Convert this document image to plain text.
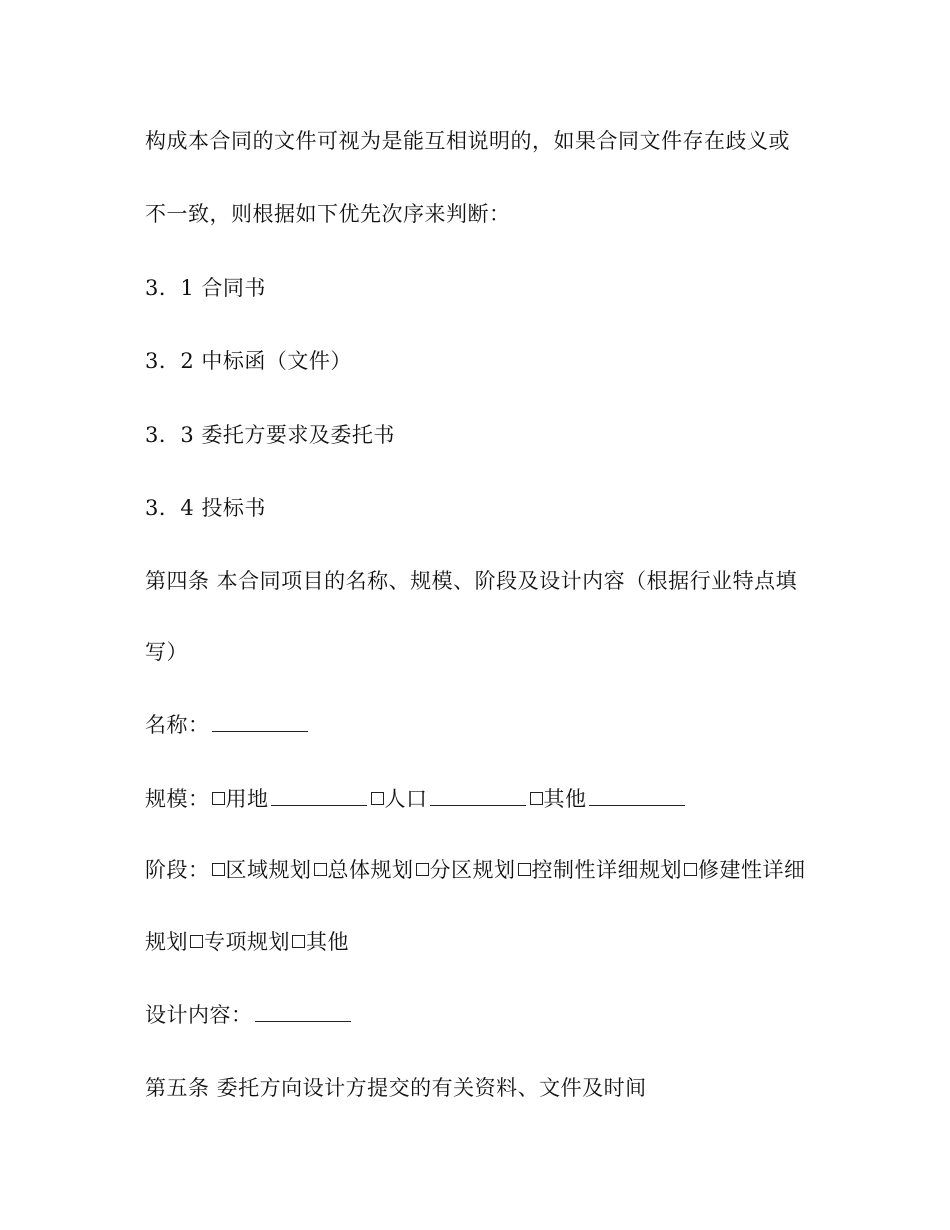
构成本合同的文件可视为是能互相说明的，如果合同文件存在歧义或
不一致，则根据如下优先次序来判断：
3．1 合同书
3．2 中标函（文件）
3．3 委托方要求及委托书
3．4 投标书
第四条 本合同项目的名称、规模、阶段及设计内容（根据行业特点填
写）
名称：
规模： 用地	人口	其他
阶段： 区域规划 总体规划 分区规划 控制性详细规划 修建性详细
规划 专项规划 其他
设计内容：
第五条 委托方向设计方提交的有关资料、文件及时间
